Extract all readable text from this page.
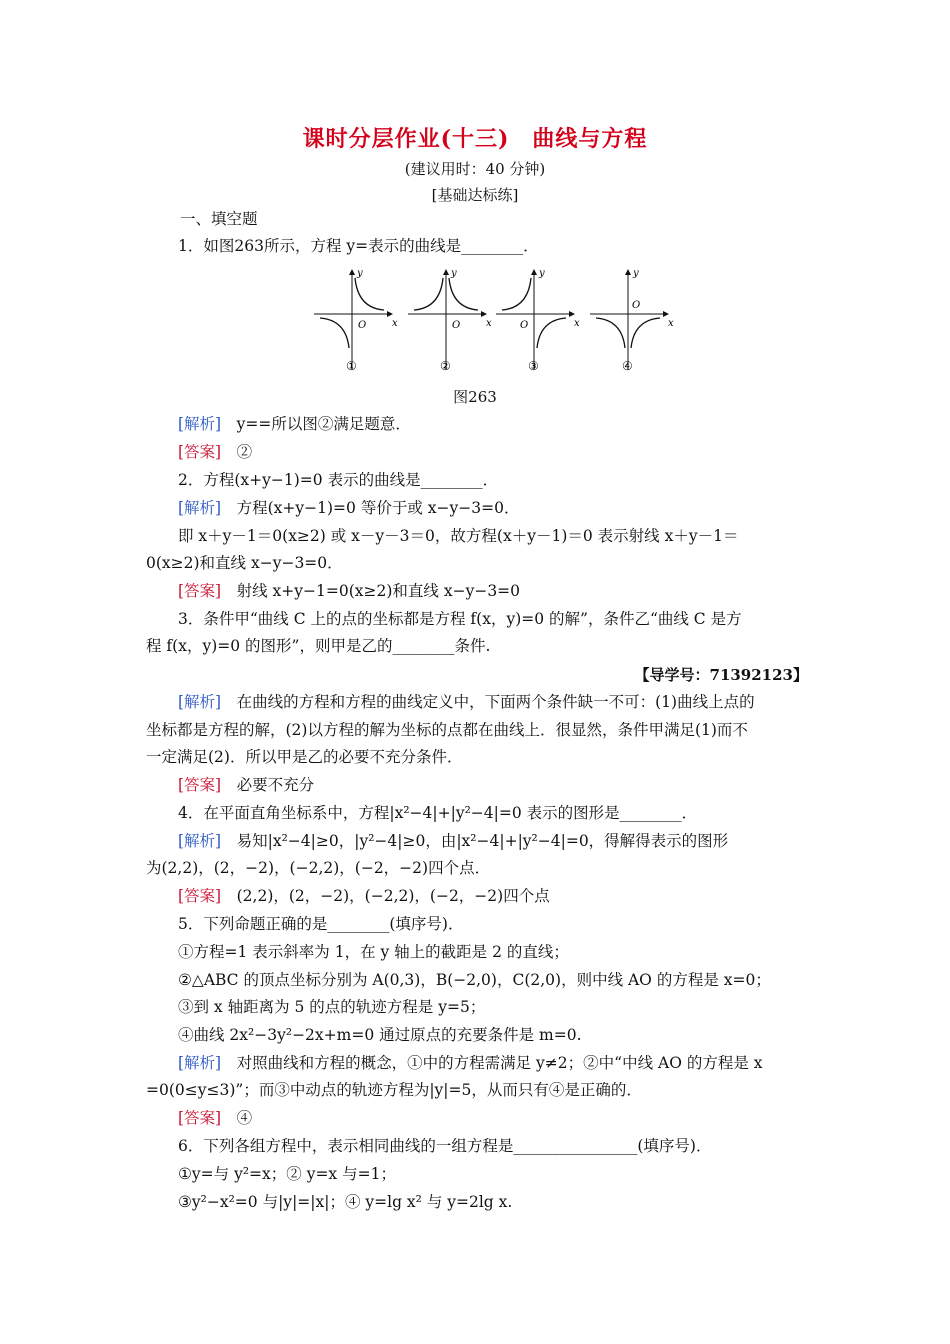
课时分层作业(十三)　曲线与方程
(建议用时：40 分钟)
[基础达标练]
一、填空题
1．如图263所示，方程 y=表示的曲线是________．
y
x
O
①
y
x
O
②
y
x
O
③
y
x
O
④
图263
[解析]　 y==所以图②满足题意．
[答案]　 ②
2．方程(x+y−1)=0 表示的曲线是________．
[解析]　 方程(x+y−1)=0 等价于或 x−y−3=0．
即 x＋y－1＝0(x≥2) 或 x－y－3＝0，故方程(x＋y－1)＝0 表示射线 x＋y－1＝
0(x≥2)和直线 x−y−3=0．
[答案]　 射线 x+y−1=0(x≥2)和直线 x−y−3=0
3．条件甲“曲线 C 上的点的坐标都是方程 f(x，y)=0 的解”，条件乙“曲线 C 是方
程 f(x，y)=0 的图形”，则甲是乙的________条件.
【导学号：71392123】
[解析]　 在曲线的方程和方程的曲线定义中，下面两个条件缺一不可：(1)曲线上点的
坐标都是方程的解，(2)以方程的解为坐标的点都在曲线上．很显然，条件甲满足(1)而不
一定满足(2)．所以甲是乙的必要不充分条件．
[答案]　 必要不充分
4．在平面直角坐标系中，方程|x²−4|+|y²−4|=0 表示的图形是________．
[解析]　 易知|x²−4|≥0，|y²−4|≥0，由|x²−4|+|y²−4|=0，得解得表示的图形
为(2,2)，(2，−2)，(−2,2)，(−2，−2)四个点．
[答案]　 (2,2)，(2，−2)，(−2,2)，(−2，−2)四个点
5．下列命题正确的是________(填序号)．
①方程=1 表示斜率为 1，在 y 轴上的截距是 2 的直线；
②△ABC 的顶点坐标分别为 A(0,3)，B(−2,0)，C(2,0)，则中线 AO 的方程是 x=0；
③到 x 轴距离为 5 的点的轨迹方程是 y=5；
④曲线 2x²−3y²−2x+m=0 通过原点的充要条件是 m=0.
[解析]　 对照曲线和方程的概念，①中的方程需满足 y≠2；②中“中线 AO 的方程是 x
=0(0≤y≤3)”；而③中动点的轨迹方程为|y|=5，从而只有④是正确的．
[答案]　 ④
6．下列各组方程中，表示相同曲线的一组方程是________________(填序号)．
①y=与 y²=x；② y=x 与=1；
③y²−x²=0 与|y|=|x|；④ y=lg x² 与 y=2lg x.
